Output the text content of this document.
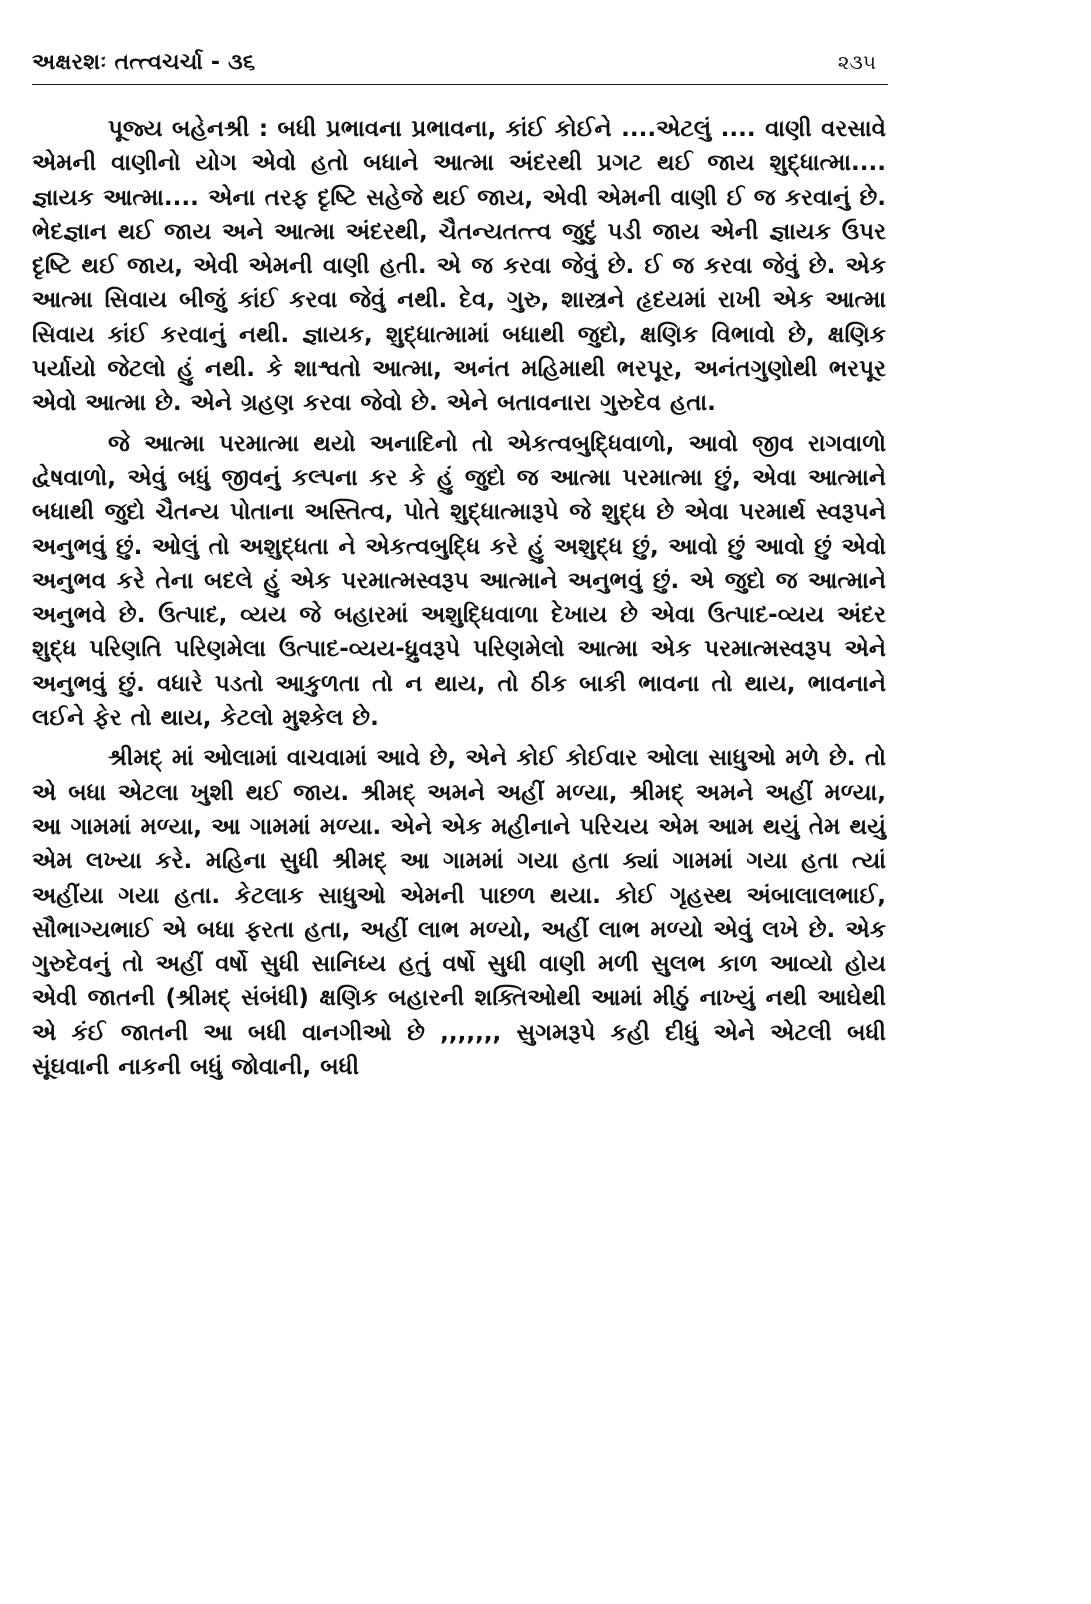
અક્ષરશઃ તત્ત્વચર્ચા - ૩૬	૨૩૫

પૂજ્ય બહેનશ્રી : બધી પ્રભાવના પ્રભાવના, કાંઈ કોઈને ....એટલું .... વાણી વરસાવે એમની વાણીનો યોગ એવો હતો બધાને આત્મા અંદરથી પ્રગટ થઈ જાય શુદ્ધાત્મા.... જ્ઞાયક આત્મા.... એના તરફ દૃષ્ટિ સહેજે થઈ જાય, એવી એમની વાણી ઈ જ કરવાનું છે. ભેદજ્ઞાન થઈ જાય અને આત્મા અંદરથી, ચૈતન્યતત્ત્વ જુદું પડી જાય એની જ્ઞાયક ઉપર દૃષ્ટિ થઈ જાય, એવી એમની વાણી હતી. એ જ કરવા જેવું છે. ઈ જ કરવા જેવું છે. એક આત્મા સિવાય બીજું કાંઈ કરવા જેવું નથી. દેવ, ગુરુ, શાસ્ત્રને હૃદયમાં રાખી એક આત્મા સિવાય કાંઈ કરવાનું નથી. જ્ઞાયક, શુદ્ધાત્મામાં બધાથી જુદો, ક્ષણિક વિભાવો છે, ક્ષણિક પર્યાયો જેટલો હું નથી. કે શાશ્વતો આત્મા, અનંત મહિમાથી ભરપૂર, અનંતગુણોથી ભરપૂર એવો આત્મા છે. એને ગ્રહણ કરવા જેવો છે. એને બતાવનારા ગુરુદેવ હતા.

જે આત્મા પરમાત્મા થયો અનાદિનો તો એકત્વબુદ્ધિવાળો, આવો જીવ રાગવાળો દ્વેષવાળો, એવું બધું જીવનું કલ્પના કર કે હું જુદો જ આત્મા પરમાત્મા છું, એવા આત્માને બધાથી જુદો ચૈતન્ય પોતાના અસ્તિત્વ, પોતે શુદ્ધાત્મારૂપે જે શુદ્ધ છે એવા પરમાર્થ સ્વરૂપને અનુભવું છું. ઓલું તો અશુદ્ધતા ને એકત્વબુદ્ધિ કરે હું અશુદ્ધ છું, આવો છું આવો છું એવો અનુભવ કરે તેના બદલે હું એક પરમાત્મસ્વરૂપ આત્માને અનુભવું છું. એ જુદો જ આત્માને અનુભવે છે. ઉત્પાદ, વ્યય જે બહારમાં અશુદ્ધિવાળા દેખાય છે એવા ઉત્પાદ-વ્યય અંદર શુદ્ધ પરિણતિ પરિણમેલા ઉત્પાદ-વ્યય-ધ્રુવરૂપે પરિણમેલો આત્મા એક પરમાત્મસ્વરૂપ એને અનુભવું છું. વધારે પડતો આકુળતા તો ન થાય, તો ઠીક બાકી ભાવના તો થાય, ભાવનાને લઈને ફેર તો થાય, કેટલો મુશ્કેલ છે.

શ્રીમદ્ માં ઓલામાં વાચવામાં આવે છે, એને કોઈ કોઈવાર ઓલા સાધુઓ મળે છે. તો એ બધા એટલા ખુશી થઈ જાય. શ્રીમદ્ અમને અહીં મળ્યા, શ્રીમદ્ અમને અહીં મળ્યા, આ ગામમાં મળ્યા, આ ગામમાં મળ્યા. એને એક મહીનાને પરિચય એમ આમ થયું તેમ થયું એમ લખ્યા કરે. મહિના સુધી શ્રીમદ્ આ ગામમાં ગયા હતા ક્યાં ગામમાં ગયા હતા ત્યાં અહીંયા ગયા હતા. કેટલાક સાધુઓ એમની પાછળ થયા. કોઈ ગૃહસ્થ અંબાલાલભાઈ, સૌભાગ્યભાઈ એ બધા ફરતા હતા, અહીં લાભ મળ્યો, અહીં લાભ મળ્યો એવું લખે છે. એક ગુરુદેવનું તો અહીં વર્ષો સુધી સાનિધ્ય હતું વર્ષો સુધી વાણી મળી સુલભ કાળ આવ્યો હોય એવી જાતની (શ્રીમદ્ સંબંધી) ક્ષણિક બહારની શક્તિઓથી આમાં મીઠું નાખ્યું નથી આઘેથી એ કંઈ જાતની આ બધી વાનગીઓ છે ,,,,,,, સુગમરૂપે કહી દીધું એને એટલી બધી સૂંઘવાની નાકની બધું જોવાની, બધી
